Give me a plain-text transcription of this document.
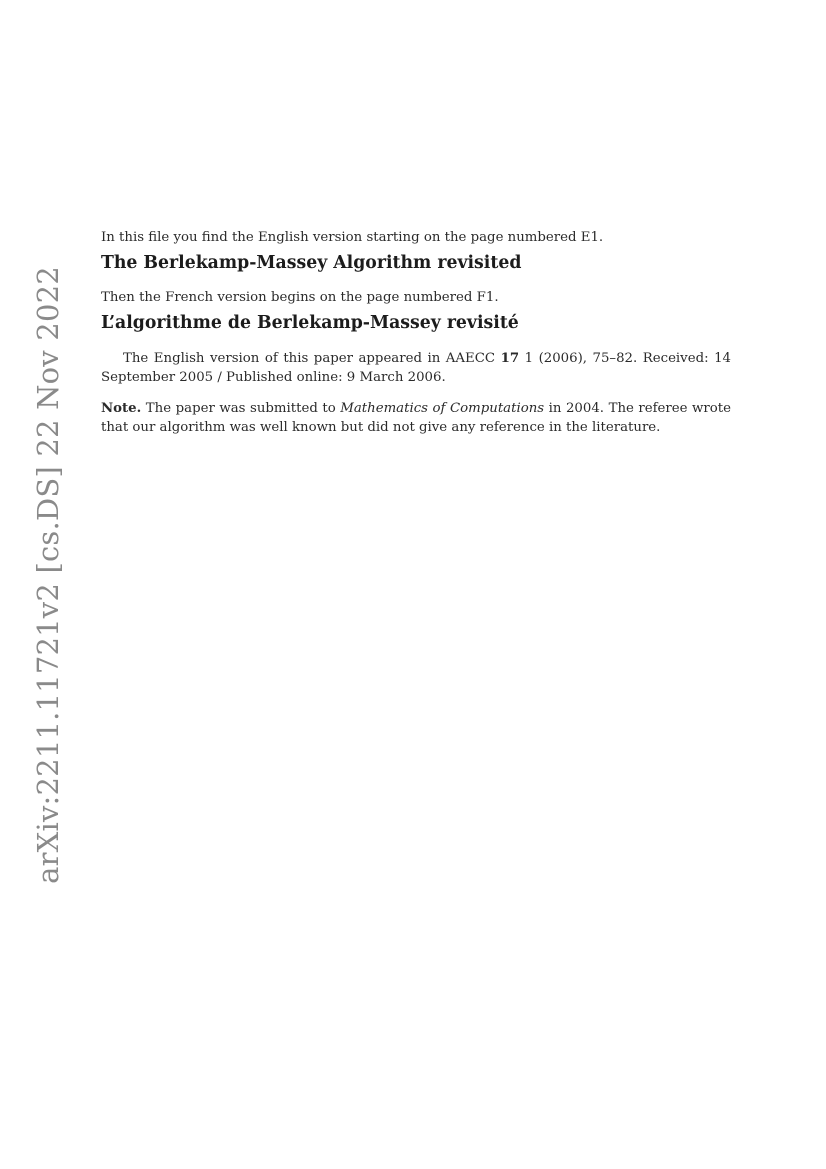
arXiv:2211.11721v2 [cs.DS] 22 Nov 2022

In this file you find the English version starting on the page numbered E1.

The Berlekamp-Massey Algorithm revisited

Then the French version begins on the page numbered F1.

L’algorithme de Berlekamp-Massey revisité

The English version of this paper appeared in AAECC 17 1 (2006), 75–82. Received: 14 September 2005 / Published online: 9 March 2006.

Note. The paper was submitted to Mathematics of Computations in 2004. The referee wrote that our algorithm was well known but did not give any reference in the literature.
